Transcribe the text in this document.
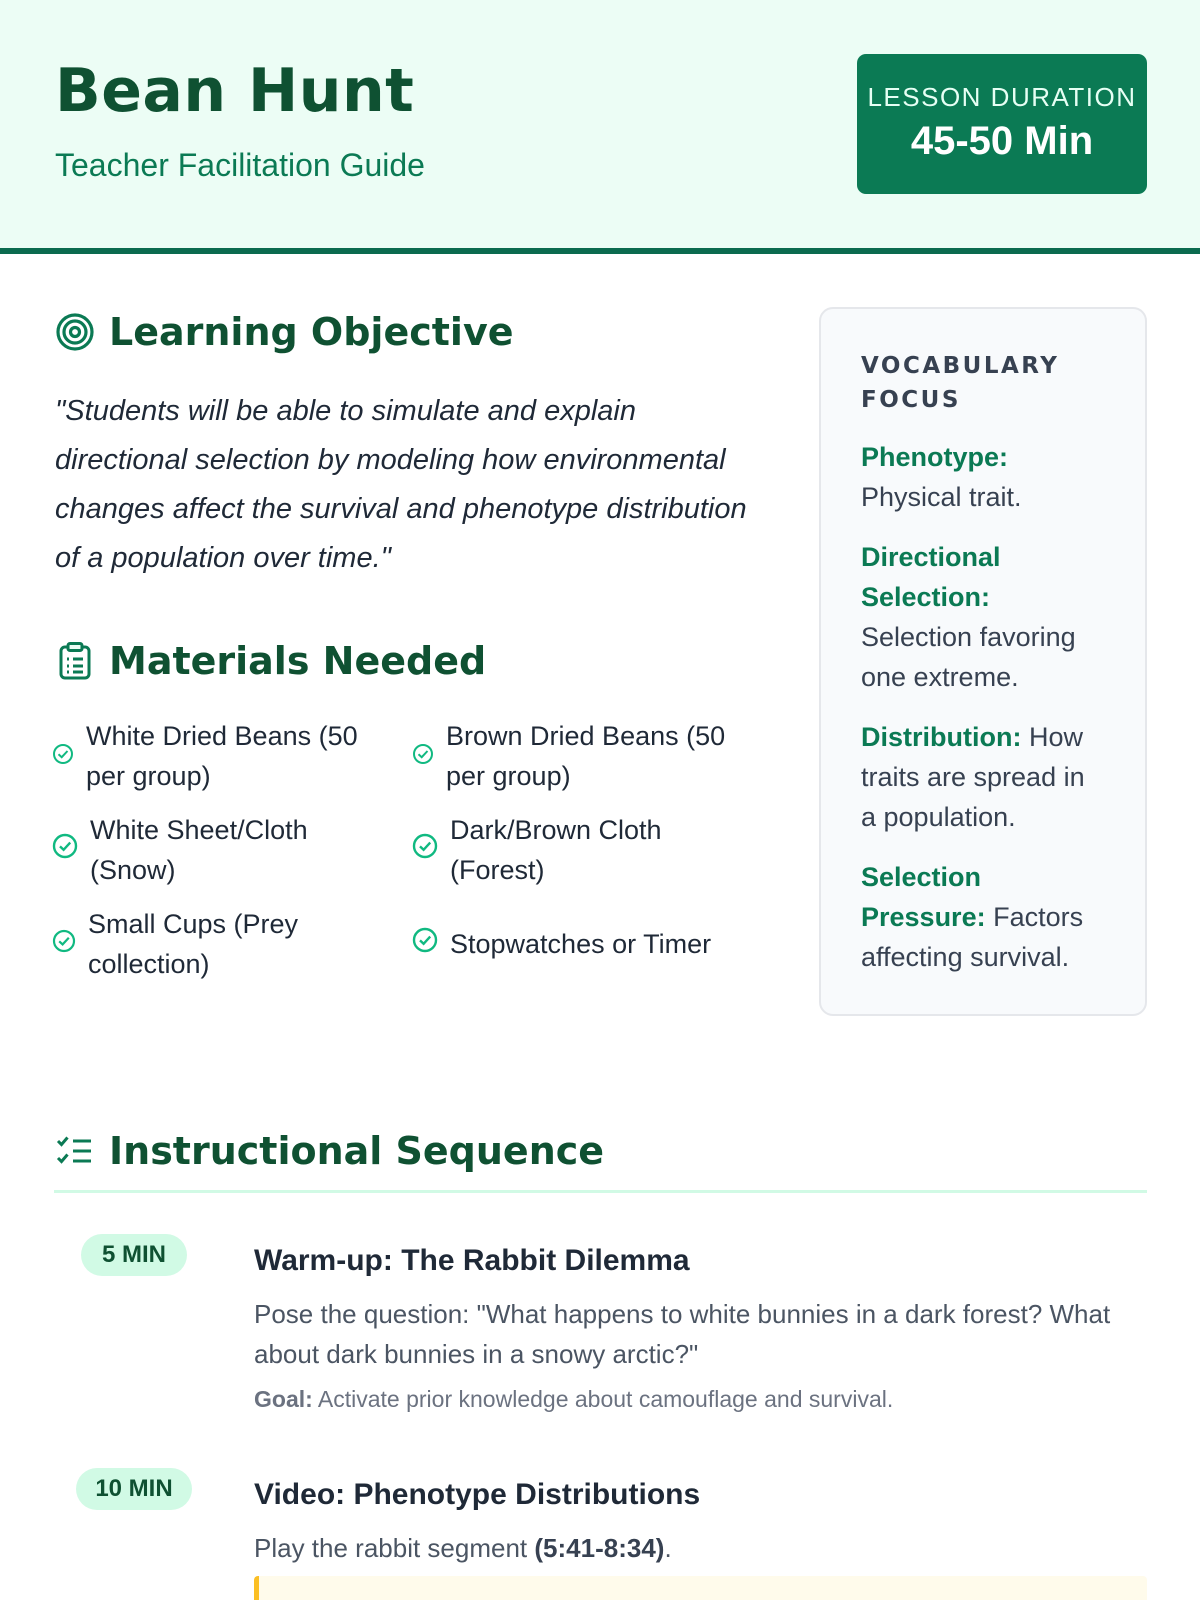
Bean Hunt
Teacher Facilitation Guide
LESSON DURATION
45-50 Min
Learning Objective
"Students will be able to simulate and explain directional selection by modeling how environmental changes affect the survival and phenotype distribution of a population over time."
Materials Needed
White Dried Beans (50 per group)
Brown Dried Beans (50 per group)
White Sheet/Cloth (Snow)
Dark/Brown Cloth (Forest)
Small Cups (Prey collection)
Stopwatches or Timer
VOCABULARY FOCUS
Phenotype:
Physical trait.
Directional Selection:
Selection favoring one extreme.
Distribution: How traits are spread in a population.
Selection Pressure: Factors affecting survival.
Instructional Sequence
5 MIN	Warm-up: The Rabbit Dilemma
Pose the question: "What happens to white bunnies in a dark forest? What about dark bunnies in a snowy arctic?"
Goal: Activate prior knowledge about camouflage and survival.
10 MIN	Video: Phenotype Distributions
Play the rabbit segment (5:41-8:34).
